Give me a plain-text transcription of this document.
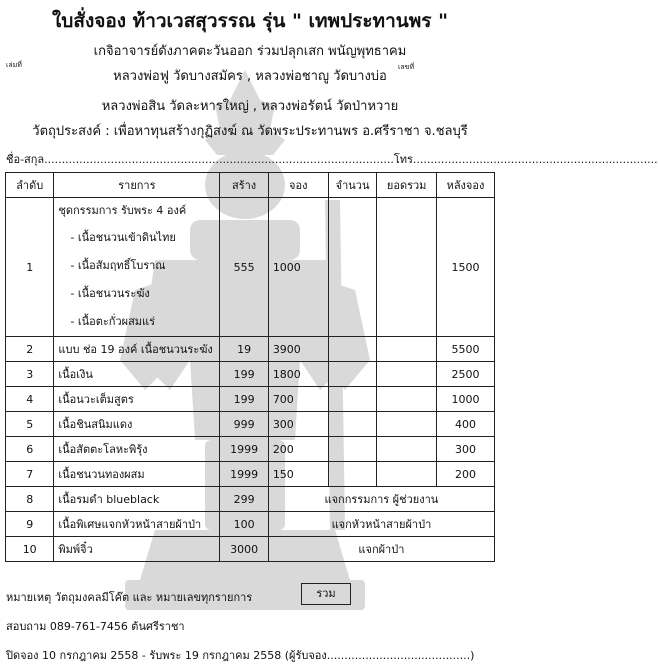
ใบสั่งจอง ท้าวเวสสุวรรณ รุ่น " เทพประทานพร "
เกจิอาจารย์ดังภาคตะวันออก ร่วมปลุกเสก พนัญพุทธาคม
หลวงพ่อฟู วัดบางสมัคร , หลวงพ่อชาญู วัดบางบ่อ
หลวงพ่อสิน วัดละหารใหญ่ , หลวงพ่อรัตน์ วัดป่าหวาย
วัตถุประสงค์ : เพื่อหาทุนสร้างกุฏิสงฆ์ ณ วัดพระประทานพร อ.ศรีราชา จ.ชลบุรี
เล่มที่	เลขที่
ชื่อ-สกุล....................................................................................................โทร......................................................................
ลำดับ	รายการ	สร้าง	จอง	จำนวน	ยอดรวม	หลังจอง
1	ชุดกรรมการ รับพระ 4 องค์
- เนื้อชนวนเข้าดินไทย
- เนื้อสัมฤทธิ์โบราณ
- เนื้อชนวนระฆัง
- เนื้อตะกั่วผสมแร่	555	1000			1500
2	แบบ ช่อ 19 องค์ เนื้อชนวนระฆัง	19	3900			5500
3	เนื้อเงิน	199	1800			2500
4	เนื้อนวะเต็มสูตร	199	700			1000
5	เนื้อชินสนิมแดง	999	300			400
6	เนื้อสัตตะโลหะพิรุ้ง	1999	200			300
7	เนื้อชนวนทองผสม	1999	150			200
8	เนื้อรมดำ blueblack	299	แจกกรรมการ ผู้ช่วยงาน			
9	เนื้อพิเศษแจกหัวหน้าสายผ้าป่า	100	แจกหัวหน้าสายผ้าป่า			
10	พิมพ์จิ๋ว	3000	แจกผ้าป่า			
หมายเหตุ วัตถุมงคลมีโค๊ต และ หมายเลขทุกรายการ	รวม
สอบถาม 089-761-7456 ต้นศรีราชา
ปิดจอง 10 กรกฎาคม 2558 - รับพระ 19 กรกฎาคม 2558 (ผู้รับจอง.........................................)
